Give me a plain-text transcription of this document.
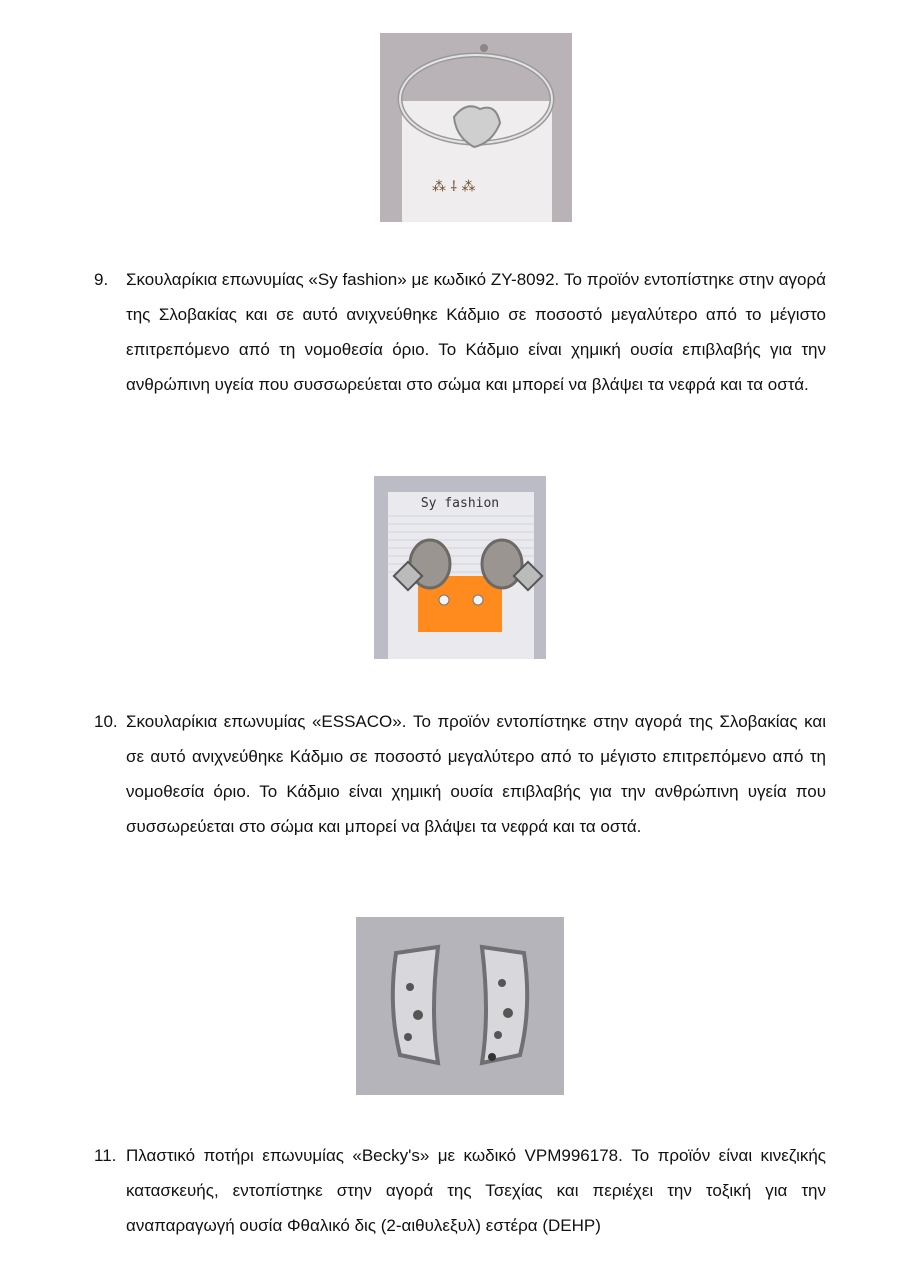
⁂ ⸸ ⁂
9. Σκουλαρίκια επωνυμίας «Sy fashion» με κωδικό ZY-8092. Το προϊόν εντοπίστηκε στην αγορά της Σλοβακίας και σε αυτό ανιχνεύθηκε Κάδμιο σε ποσοστό μεγαλύτερο από το μέγιστο επιτρεπόμενο από τη νομοθεσία όριο. Το Κάδμιο είναι χημική ουσία επιβλαβής για την ανθρώπινη υγεία που συσσωρεύεται στο σώμα και μπορεί να βλάψει τα νεφρά και τα οστά.
Sy fashion
10. Σκουλαρίκια επωνυμίας «ESSACO». Το προϊόν εντοπίστηκε στην αγορά της Σλοβακίας και σε αυτό ανιχνεύθηκε Κάδμιο σε ποσοστό μεγαλύτερο από το μέγιστο επιτρεπόμενο από τη νομοθεσία όριο. Το Κάδμιο είναι χημική ουσία επιβλαβής για την ανθρώπινη υγεία που συσσωρεύεται στο σώμα και μπορεί να βλάψει τα νεφρά και τα οστά.
11. Πλαστικό ποτήρι επωνυμίας «Becky's» με κωδικό VPM996178. Το προϊόν είναι κινεζικής κατασκευής, εντοπίστηκε στην αγορά της Τσεχίας και περιέχει την τοξική για την αναπαραγωγή ουσία Φθαλικό δις (2-αιθυλεξυλ) εστέρα (DEHP)
